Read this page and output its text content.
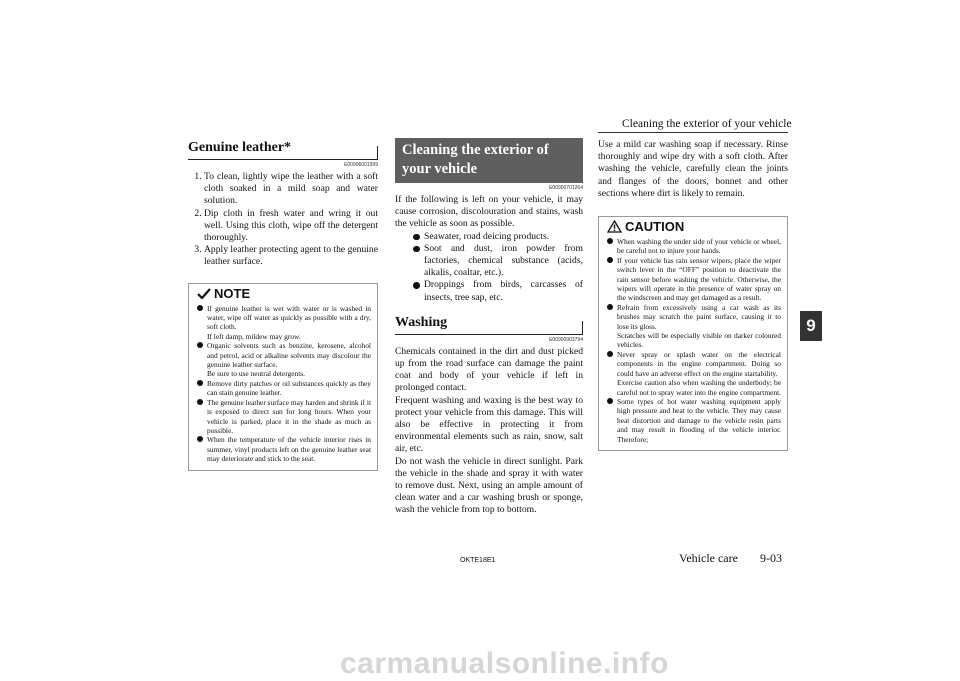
Cleaning the exterior of your vehicle
9
Genuine leather*
E00906001999
1. To clean, lightly wipe the leather with a soft cloth soaked in a mild soap and water solution.
2. Dip cloth in fresh water and wring it out well. Using this cloth, wipe off the detergent thoroughly.
3. Apply leather protecting agent to the genuine leather surface.
NOTE
If genuine leather is wet with water or is washed in water, wipe off water as quickly as possible with a dry, soft cloth.
If left damp, mildew may grow.
Organic solvents such as benzine, kerosene, alcohol and petrol, acid or alkaline solvents may discolour the genuine leather surface.
Be sure to use neutral detergents.
Remove dirty patches or oil substances quickly as they can stain genuine leather.
The genuine leather surface may harden and shrink if it is exposed to direct sun for long hours. When your vehicle is parked, place it in the shade as much as possible.
When the temperature of the vehicle interior rises in summer, vinyl products left on the genuine leather seat may deteriorate and stick to the seat.
Cleaning the exterior of your vehicle
E00900701264
If the following is left on your vehicle, it may cause corrosion, discolouration and stains, wash the vehicle as soon as possible.
Seawater, road deicing products.
Soot and dust, iron powder from factories, chemical substance (acids, alkalis, coaltar, etc.).
Droppings from birds, carcasses of insects, tree sap, etc.
Washing
E00900903794
Chemicals contained in the dirt and dust picked up from the road surface can damage the paint coat and body of your vehicle if left in prolonged contact.
Frequent washing and waxing is the best way to protect your vehicle from this damage. This will also be effective in protecting it from environmental elements such as rain, snow, salt air, etc.
Do not wash the vehicle in direct sunlight. Park the vehicle in the shade and spray it with water to remove dust. Next, using an ample amount of clean water and a car washing brush or sponge, wash the vehicle from top to bottom.
Use a mild car washing soap if necessary. Rinse thoroughly and wipe dry with a soft cloth. After washing the vehicle, carefully clean the joints and flanges of the doors, bonnet and other sections where dirt is likely to remain.
CAUTION
When washing the under side of your vehicle or wheel, be careful not to injure your hands.
If your vehicle has rain sensor wipers, place the wiper switch lever in the “OFF” position to deactivate the rain sensor before washing the vehicle. Otherwise, the wipers will operate in the presence of water spray on the windscreen and may get damaged as a result.
Refrain from excessively using a car wash as its brushes may scratch the paint surface, causing it to lose its gloss.
Scratches will be especially visible on darker coloured vehicles.
Never spray or splash water on the electrical components in the engine compartment. Doing so could have an adverse effect on the engine startability.
Exercise caution also when washing the underbody; be careful not to spray water into the engine compartment.
Some types of hot water washing equipment apply high pressure and heat to the vehicle. They may cause heat distortion and damage to the vehicle resin parts and may result in flooding of the vehicle interior. Therefore;
OKTE18E1	Vehicle care 9-03
carmanualsonline.info
